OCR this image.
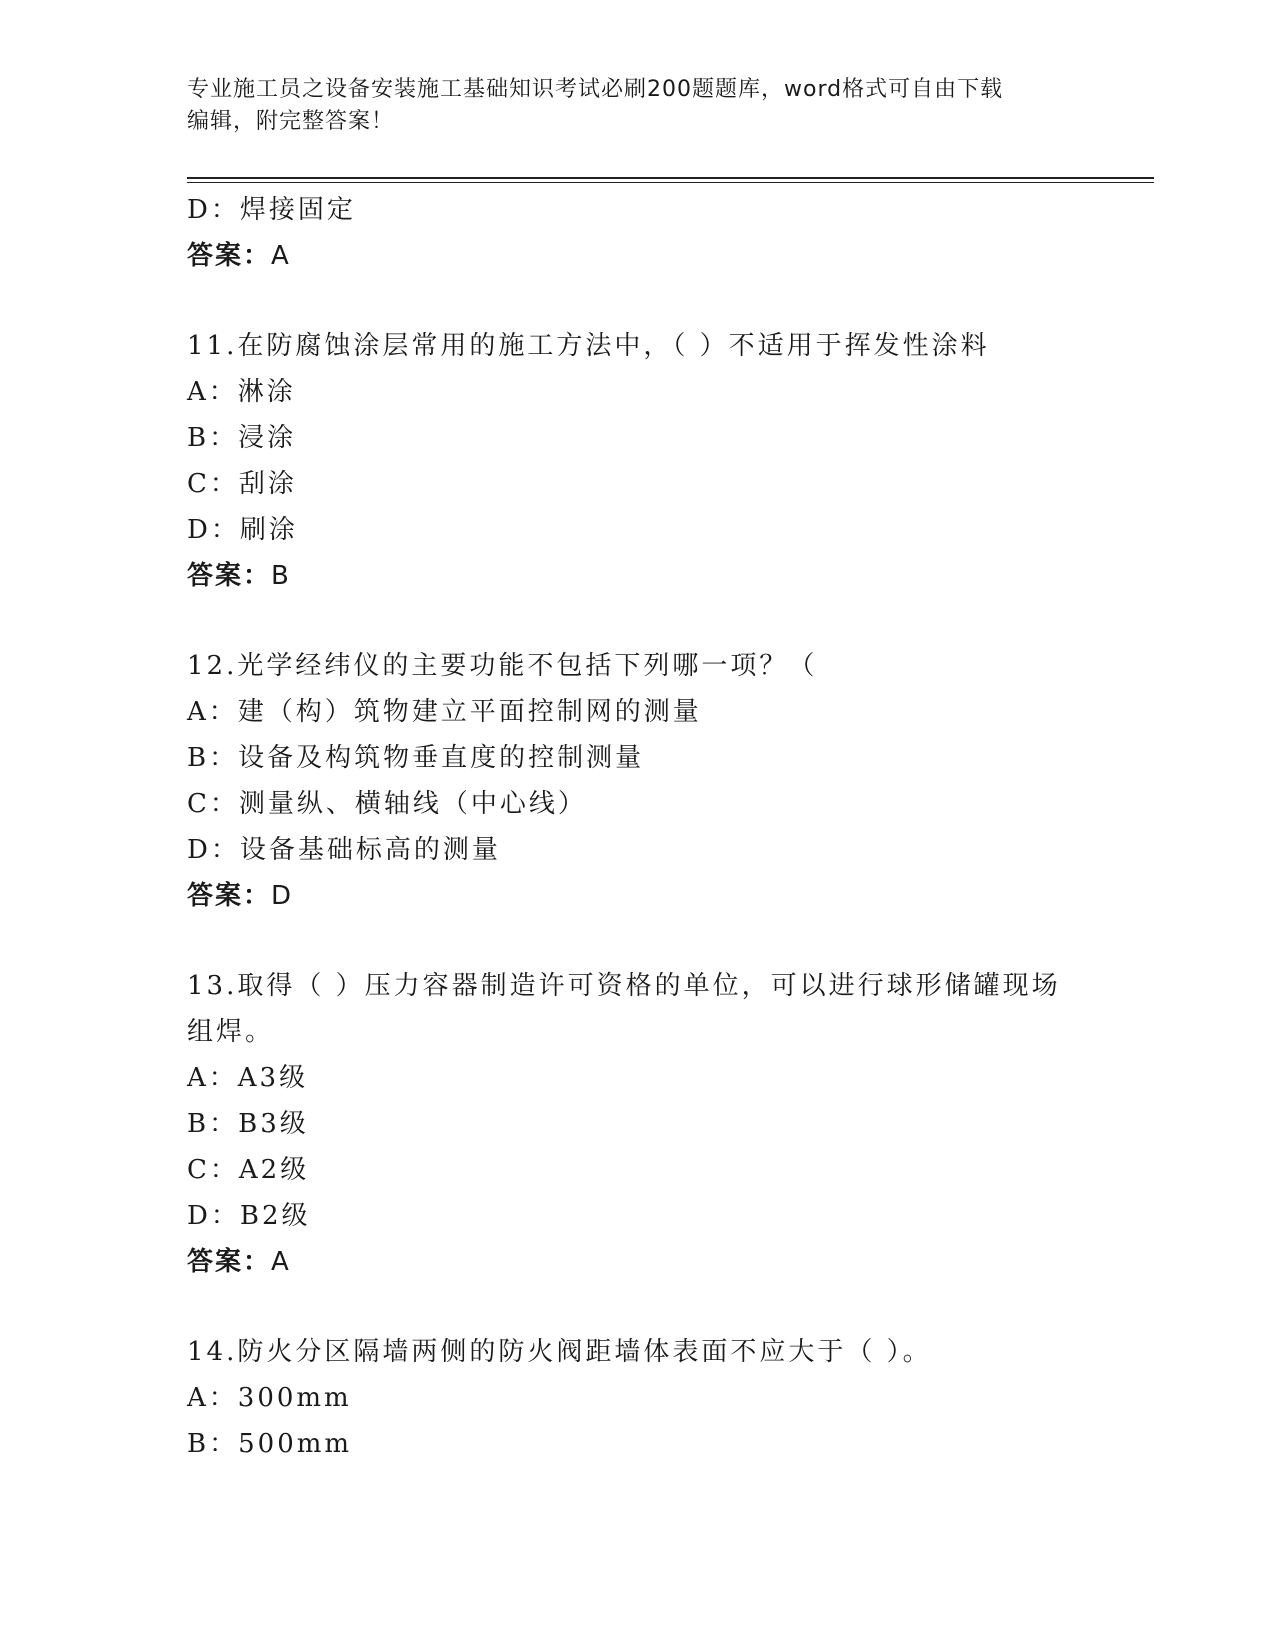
专业施工员之设备安装施工基础知识考试必刷200题题库，word格式可自由下载
编辑，附完整答案！
D：焊接固定
答案：A
11.在防腐蚀涂层常用的施工方法中，（ ）不适用于挥发性涂料
A：淋涂
B：浸涂
C：刮涂
D：刷涂
答案：B
12.光学经纬仪的主要功能不包括下列哪一项？（
A：建（构）筑物建立平面控制网的测量
B：设备及构筑物垂直度的控制测量
C：测量纵、横轴线（中心线）
D：设备基础标高的测量
答案：D
13.取得（ ）压力容器制造许可资格的单位，可以进行球形储罐现场
组焊。
A：A3级
B：B3级
C：A2级
D：B2级
答案：A
14.防火分区隔墙两侧的防火阀距墙体表面不应大于（ ）。
A：300mm
B：500mm
